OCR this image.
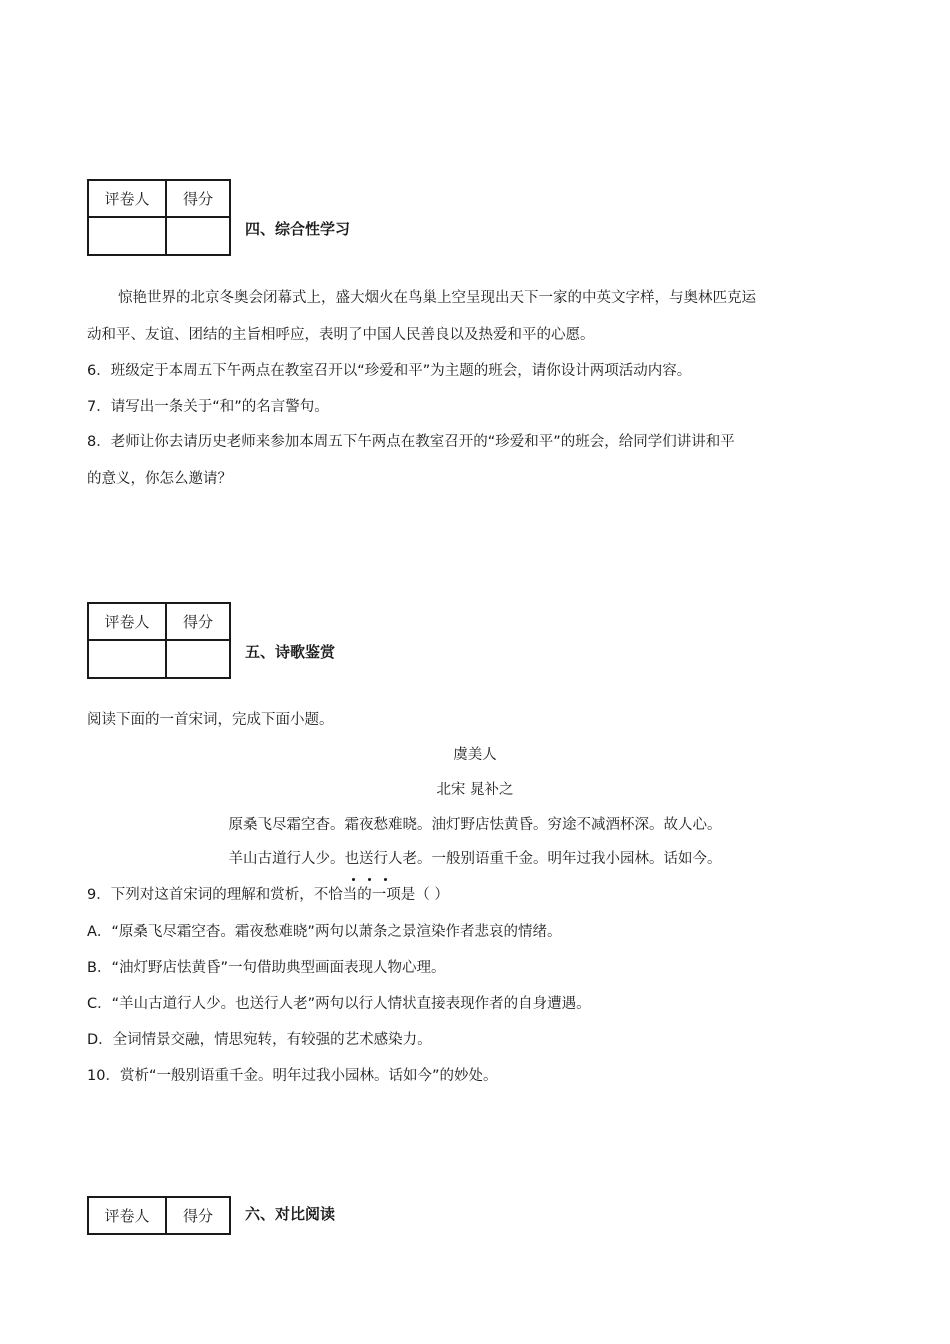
评卷人	得分

四、综合性学习
惊艳世界的北京冬奥会闭幕式上，盛大烟火在鸟巢上空呈现出天下一家的中英文字样，与奥林匹克运
动和平、友谊、团结的主旨相呼应，表明了中国人民善良以及热爱和平的心愿。
6．班级定于本周五下午两点在教室召开以“珍爱和平”为主题的班会，请你设计两项活动内容。
7．请写出一条关于“和”的名言警句。
8．老师让你去请历史老师来参加本周五下午两点在教室召开的“珍爱和平”的班会，给同学们讲讲和平
的意义，你怎么邀请？
评卷人	得分

五、诗歌鉴赏
阅读下面的一首宋词，完成下面小题。
虞美人
北宋 晁补之
原桑飞尽霜空杳。霜夜愁难晓。油灯野店怯黄昏。穷途不减酒杯深。故人心。
羊山古道行人少。也送行人老。一般别语重千金。明年过我小园林。话如今。
9．下列对这首宋词的理解和赏析，不恰当的一项是（ ）
A．“原桑飞尽霜空杳。霜夜愁难晓”两句以萧条之景渲染作者悲哀的情绪。
B．“油灯野店怯黄昏”一句借助典型画面表现人物心理。
C．“羊山古道行人少。也送行人老”两句以行人情状直接表现作者的自身遭遇。
D．全词情景交融，情思宛转，有较强的艺术感染力。
10．赏析“一般别语重千金。明年过我小园林。话如今”的妙处。
评卷人	得分 六、对比阅读
